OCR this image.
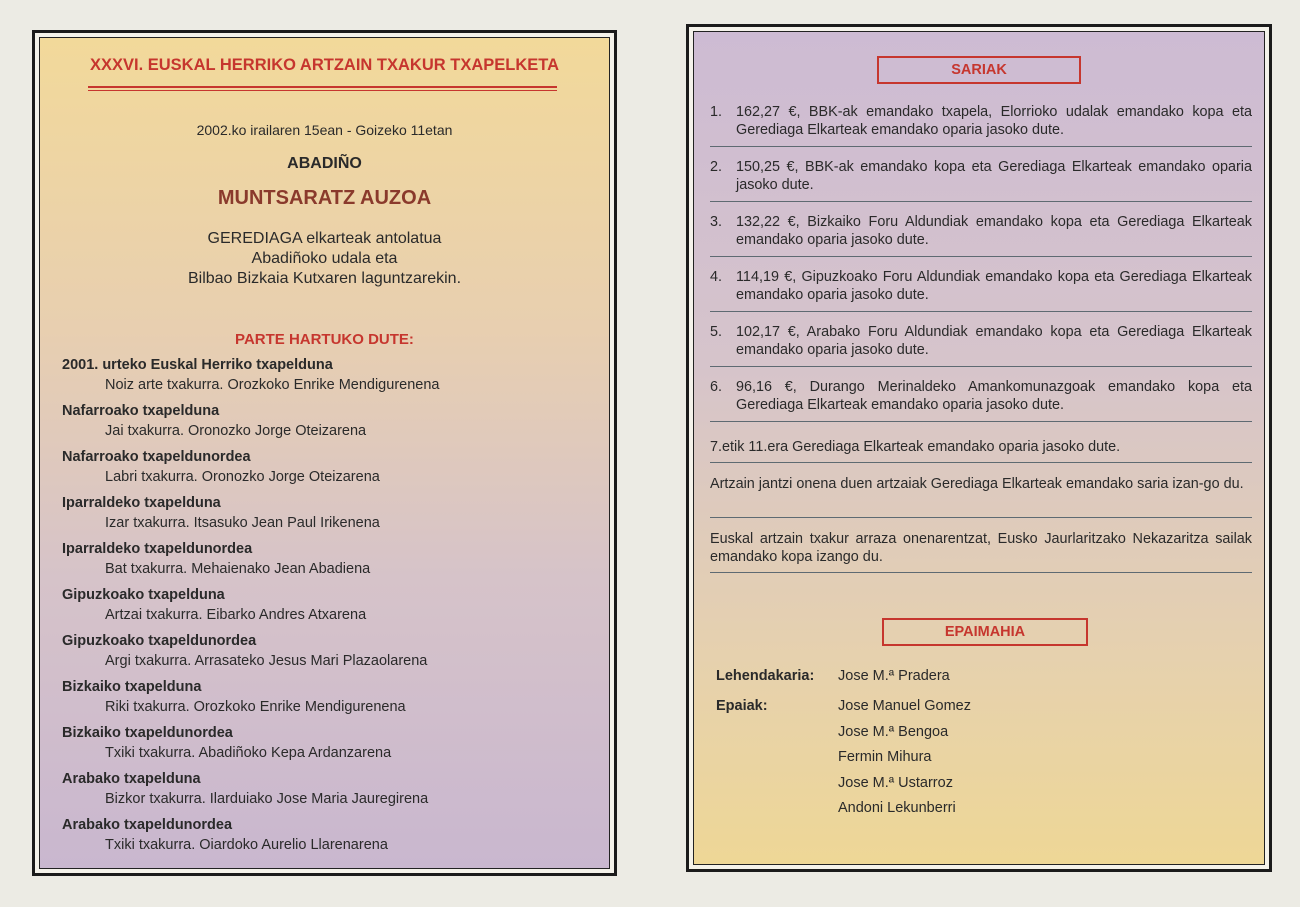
XXXVI. EUSKAL HERRIKO ARTZAIN TXAKUR TXAPELKETA
2002.ko irailaren 15ean - Goizeko 11etan
ABADIÑO
MUNTSARATZ AUZOA
GEREDIAGA elkarteak antolatua
Abadiñoko udala eta
Bilbao Bizkaia Kutxaren laguntzarekin.
PARTE HARTUKO DUTE:
2001. urteko Euskal Herriko txapelduna
Noiz arte txakurra. Orozkoko Enrike Mendigurenena
Nafarroako txapelduna
Jai txakurra. Oronozko Jorge Oteizarena
Nafarroako txapeldunordea
Labri txakurra. Oronozko Jorge Oteizarena
Iparraldeko txapelduna
Izar txakurra. Itsasuko Jean Paul Irikenena
Iparraldeko txapeldunordea
Bat txakurra. Mehaienako Jean Abadiena
Gipuzkoako txapelduna
Artzai txakurra. Eibarko Andres Atxarena
Gipuzkoako txapeldunordea
Argi txakurra. Arrasateko Jesus Mari Plazaolarena
Bizkaiko txapelduna
Riki txakurra. Orozkoko Enrike Mendigurenena
Bizkaiko txapeldunordea
Txiki txakurra. Abadiñoko Kepa Ardanzarena
Arabako txapelduna
Bizkor txakurra. Ilarduiako Jose Maria Jauregirena
Arabako txapeldunordea
Txiki txakurra. Oiardoko Aurelio Llarenarena
SARIAK
1. 162,27 €, BBK-ak emandako txapela, Elorrioko udalak emandako kopa eta Gerediaga Elkarteak emandako oparia jasoko dute.
2. 150,25 €, BBK-ak emandako kopa eta Gerediaga Elkarteak emandako oparia jasoko dute.
3. 132,22 €, Bizkaiko Foru Aldundiak emandako kopa eta Gerediaga Elkarteak emandako oparia jasoko dute.
4. 114,19 €, Gipuzkoako Foru Aldundiak emandako kopa eta Gerediaga Elkarteak emandako oparia jasoko dute.
5. 102,17 €, Arabako Foru Aldundiak emandako kopa eta Gerediaga Elkarteak emandako oparia jasoko dute.
6. 96,16 €, Durango Merinaldeko Amankomunazgoak emandako kopa eta Gerediaga Elkarteak emandako oparia jasoko dute.
7.etik 11.era Gerediaga Elkarteak emandako oparia jasoko dute.
Artzain jantzi onena duen artzaiak Gerediaga Elkarteak emandako saria izan-go du.
Euskal artzain txakur arraza onenarentzat, Eusko Jaurlaritzako Nekazaritza sailak emandako kopa izango du.
EPAIMAHIA
Lehendakaria:	Jose M.ª Pradera
Epaiak:	Jose Manuel Gomez
Jose M.ª Bengoa
Fermin Mihura
Jose M.ª Ustarroz
Andoni Lekunberri
